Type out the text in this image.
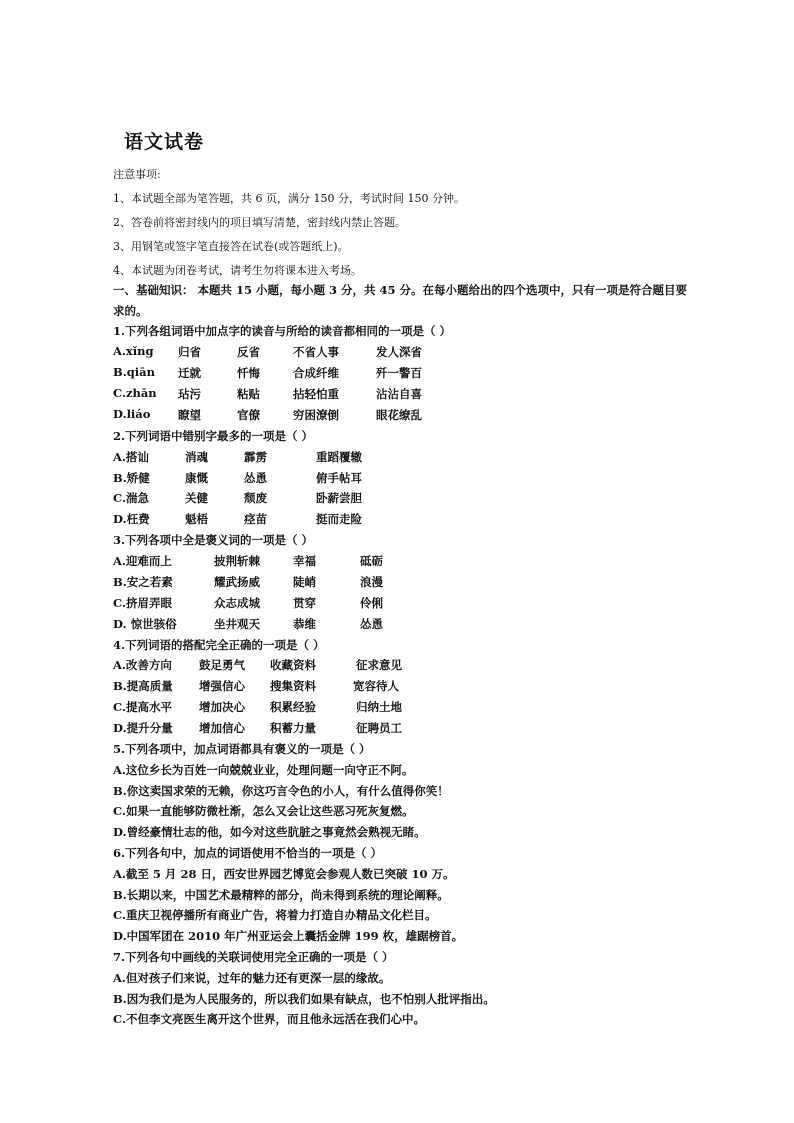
语文试卷
注意事项:
1、本试题全部为笔答题，共 6 页，满分 150 分，考试时间 150 分钟。
2、答卷前将密封线内的项目填写清楚，密封线内禁止答题。
3、用钢笔或签字笔直接答在试卷(或答题纸上)。
4、本试题为闭卷考试，请考生勿将课本进入考场。
一、基础知识： 本题共 15 小题，每小题 3 分，共 45 分。在每小题给出的四个选项中，只有一项是符合题目要求的。
1.下列各组词语中加点字的读音与所给的读音都相同的一项是（ ）
A.xǐng 归省	反省	不省人事	发人深省
B.qiān 迁就	忏悔	合成纤维	歼一警百
C.zhān 玷污	粘贴	拈轻怕重	沾沾自喜
D.liáo 瞭望	官僚	穷困潦倒	眼花缭乱
2.下列词语中错别字最多的一项是（ ）
A.搭讪	消魂	霹雳	重蹈覆辙
B.矫健	康慨	怂恿	俯手帖耳
C.湍急	关健	颓废	卧薪尝胆
D.枉费	魁梧	痉苗	挺而走险
3.下列各项中全是褒义词的一项是（ ）
A.迎难而上	披荆斩棘	幸福	砥砺
B.安之若素	耀武扬威	陡峭	浪漫
C.挤眉弄眼	众志成城	贯穿	伶俐
D. 惊世骇俗	坐井观天	恭维	怂恿
4.下列词语的搭配完全正确的一项是（ ）
A.改善方向 鼓足勇气 收藏资料	征求意见
B.提高质量 增强信心 搜集资料	宽容待人
C.提高水平 增加决心 积累经验	归纳土地
D.提升分量 增加信心 积蓄力量	征聘员工
5.下列各项中，加点词语都具有褒义的一项是（ ）
A.这位乡长为百姓一向兢兢业业，处理问题一向守正不阿。
B.你这卖国求荣的无赖，你这巧言令色的小人，有什么值得你笑！
C.如果一直能够防微杜渐，怎么又会让这些恶习死灰复燃。
D.曾经豪情壮志的他，如今对这些肮脏之事竟然会熟视无睹。
6.下列各句中，加点的词语使用不恰当的一项是（ ）
A.截至 5 月 28 日，西安世界园艺博览会参观人数已突破 10 万。
B.长期以来，中国艺术最精粹的部分，尚未得到系统的理论阐释。
C.重庆卫视停播所有商业广告，将着力打造自办精品文化栏目。
D.中国军团在 2010 年广州亚运会上囊括金牌 199 枚，雄踞榜首。
7.下列各句中画线的关联词使用完全正确的一项是（ ）
A.但对孩子们来说，过年的魅力还有更深一层的缘故。
B.因为我们是为人民服务的，所以我们如果有缺点，也不怕别人批评指出。
C.不但李文亮医生离开这个世界，而且他永远活在我们心中。
